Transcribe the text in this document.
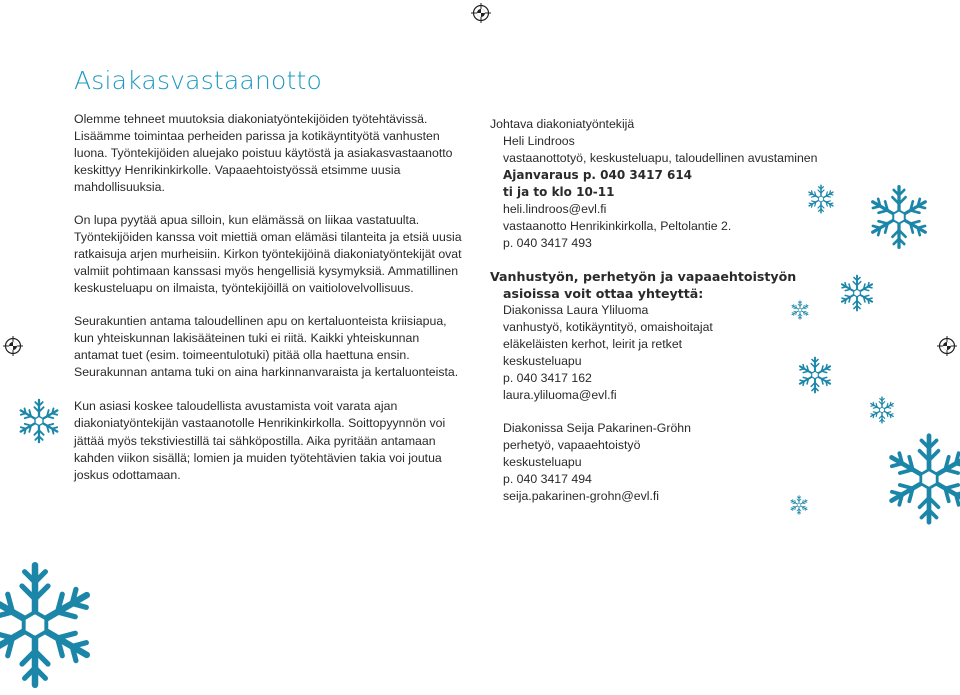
Asiakasvastaanotto

Olemme tehneet muutoksia diakoniatyöntekijöiden työtehtävissä. Lisäämme toimintaa perheiden parissa ja kotikäyntityötä vanhusten luona. Työntekijöiden aluejako poistuu käytöstä ja asiakasvastaanotto keskittyy Henrikinkirkolle. Vapaaehtoistyössä etsimme uusia mahdollisuuksia.

On lupa pyytää apua silloin, kun elämässä on liikaa vastatuulta. Työntekijöiden kanssa voit miettiä oman elämäsi tilanteita ja etsiä uusia ratkaisuja arjen murheisiin. Kirkon työntekijöinä diakoniatyöntekijät ovat valmiit pohtimaan kanssasi myös hengellisiä kysymyksiä. Ammatillinen keskusteluapu on ilmaista, työntekijöillä on vaitiolovelvollisuus.

Seurakuntien antama taloudellinen apu on kertaluonteista kriisiapua, kun yhteiskunnan lakisääteinen tuki ei riitä. Kaikki yhteiskunnan antamat tuet (esim. toimeentulotuki) pitää olla haettuna ensin. Seurakunnan antama tuki on aina harkinnanvaraista ja kertaluonteista.

Kun asiasi koskee taloudellista avustamista voit varata ajan diakoniatyöntekijän vastaanotolle Henrikinkirkolla. Soittopyynnön voi jättää myös tekstiviestillä tai sähköpostilla. Aika pyritään antamaan kahden viikon sisällä; lomien ja muiden työtehtävien takia voi joutua joskus odottamaan.

Johtava diakoniatyöntekijä
Heli Lindroos
vastaanottotyö, keskusteluapu, taloudellinen avustaminen
Ajanvaraus p. 040 3417 614
ti ja to klo 10-11
heli.lindroos@evl.fi
vastaanotto Henrikinkirkolla, Peltolantie 2.
p. 040 3417 493
Vanhustyön, perhetyön ja vapaaehtoistyön
asioissa voit ottaa yhteyttä:
Diakonissa Laura Yliluoma
vanhustyö, kotikäyntityö, omaishoitajat
eläkeläisten kerhot, leirit ja retket
keskusteluapu
p. 040 3417 162
laura.yliluoma@evl.fi
Diakonissa Seija Pakarinen-Gröhn
perhetyö, vapaaehtoistyö
keskusteluapu
p. 040 3417 494
seija.pakarinen-grohn@evl.fi
